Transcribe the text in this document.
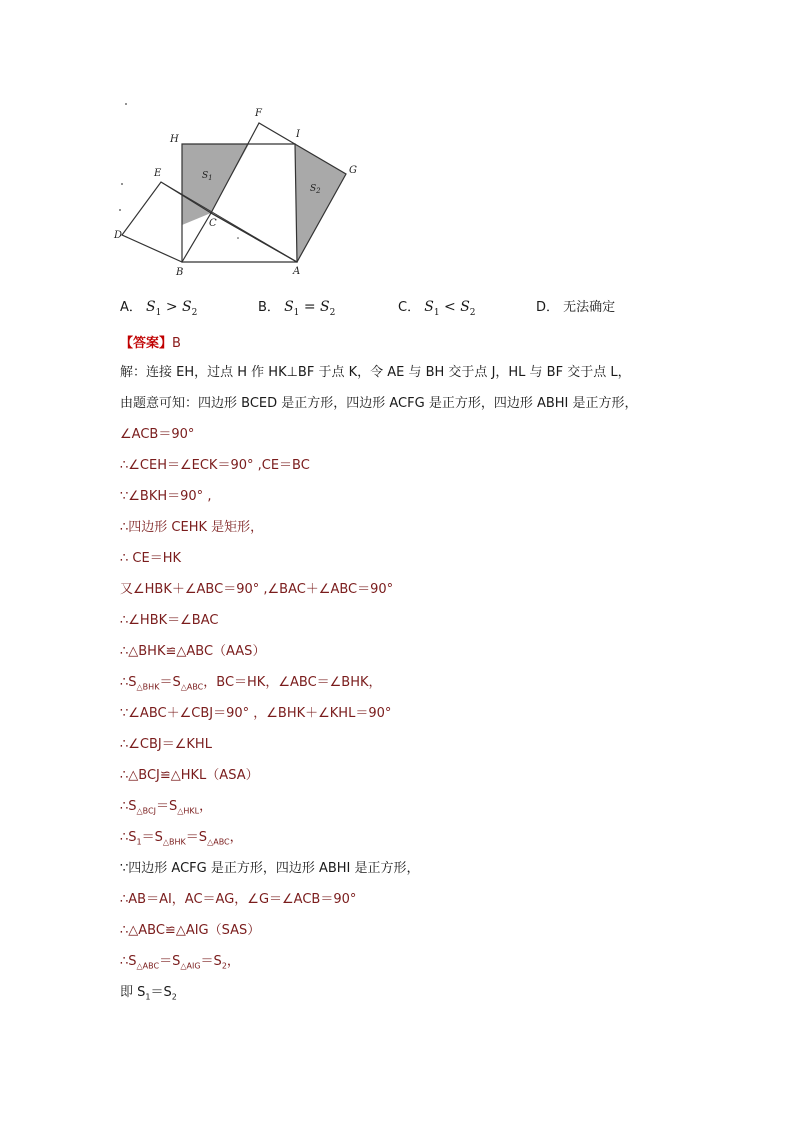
H
F
I
G
E
C
D
B	A
$S_1$
$S_2$
A． $S_1 > S_2$	B． $S_1 = S_2$	C． $S_1 < S_2$	D． 无法确定
【答案】B
解：连接 EH，过点 H 作 HK⊥BF 于点 K，令 AE 与 BH 交于点 J，HL 与 BF 交于点 L，
由题意可知：四边形 BCED 是正方形，四边形 ACFG 是正方形，四边形 ABHI 是正方形，
∠ACB＝90°
∴∠CEH＝∠ECK＝90° ,CE＝BC
∵∠BKH＝90° ,
∴四边形 CEHK 是矩形，
∴ CE＝HK
又∠HBK＋∠ABC＝90° ,∠BAC＋∠ABC＝90°
∴∠HBK＝∠BAC
∴△BHK≌△ABC（AAS）
$\therefore S_{\triangle BHK}=S_{\triangle ABC}$，BC＝HK，∠ABC＝∠BHK，
∵∠ABC＋∠CBJ＝90° ，∠BHK＋∠KHL＝90°
∴∠CBJ＝∠KHL
∴△BCJ≌△HKL（ASA）
$\therefore S_{\triangle BCJ}=S_{\triangle HKL}$，
$\therefore S_1=S_{\triangle BHK}=S_{\triangle ABC}$，
∵四边形 ACFG 是正方形，四边形 ABHI 是正方形，
∴AB＝AI，AC＝AG，∠G＝∠ACB＝90°
∴△ABC≌△AIG（SAS）
$\therefore S_{\triangle ABC}=S_{\triangle AIG}=S_2$，
即 $S_1=S_2$
